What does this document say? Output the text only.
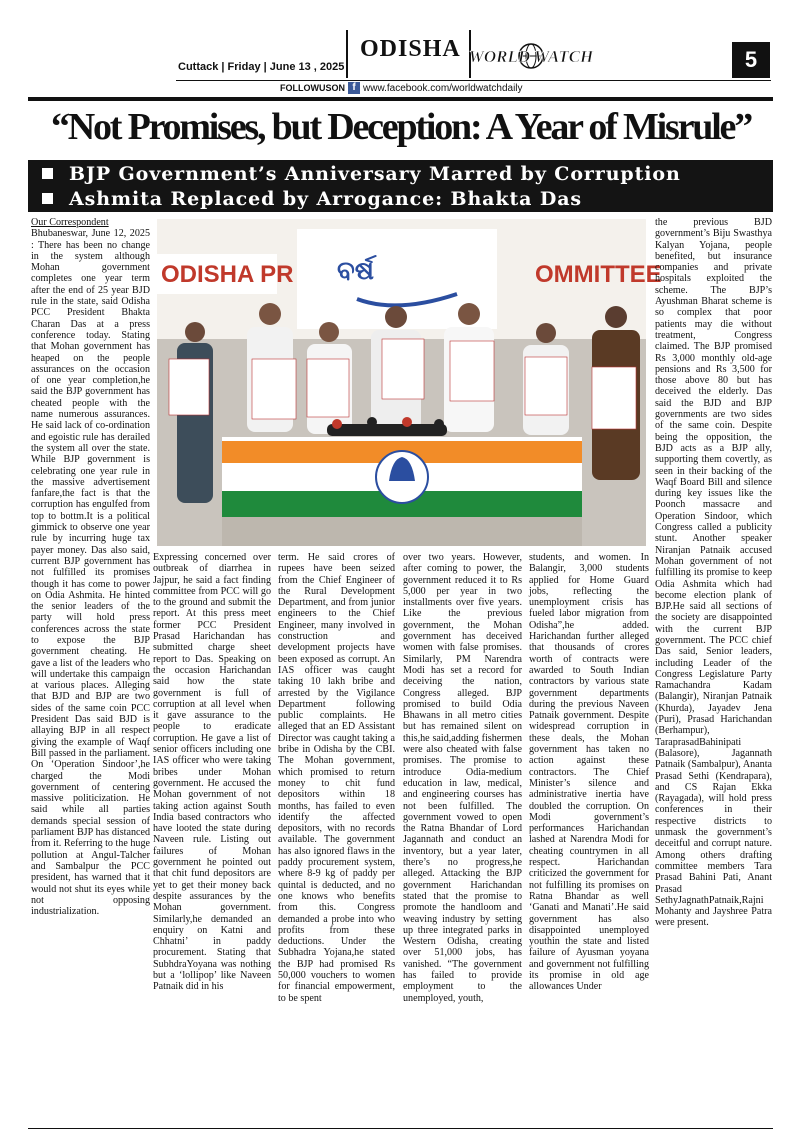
ODISHA
Cuttack | Friday | June 13 , 2025
WORLD WATCH	5
FOLLOWUSON f www.facebook.com/worldwatchdaily
“Not Promises, but Deception: A Year of Misrule”
BJP Government’s Anniversary Marred by Corruption
Ashmita Replaced by Arrogance: Bhakta Das
ODISHA PR	OMMITTEE
ବର୍ଷ
Our Correspondent

Bhubaneswar, June 12, 2025 : There has been no change in the system although Mohan government completes one year term after the end of 25 year BJD rule in the state, said Odisha PCC President Bhakta Charan Das at a press conference today. Stating that Mohan government has heaped on the people assurances on the occasion of one year completion,he said the BJP government has cheated people with the name numerous assurances. He said lack of co-ordination and egoistic rule has derailed the system all over the state. While BJP government is celebrating one year rule in the massive advertisement fanfare,the fact is that the corruption has engulfed from top to bottm.It is a political gimmick to observe one year rule by incurring huge tax payer money. Das also said, current BJP government has not fulfilled its promises though it has come to power on Odia Ashmita. He hinted the senior leaders of the party will hold press conferences across the state to expose the BJP government cheating. He gave a list of the leaders who will undertake this campaign at various places. Alleging that BJD and BJP are two sides of the same coin PCC President Das said BJD is allaying BJP in all respect giving the example of Waqf Bill passed in the parliament. On ‘Operation Sindoor’,he charged the Modi government of centering massive politicization. He said while all parties demands special session of parliament BJP has distanced from it. Referring to the huge pollution at Angul-Talcher and Sambalpur the PCC president, has warned that it would not shut its eyes while not opposing industrialization.

Expressing concerned over outbreak of diarrhea in Jajpur, he said a fact finding committee from PCC will go to the ground and submit the report. At this press meet former PCC President Prasad Harichandan has submitted charge sheet report to Das. Speaking on the occasion Harichandan said how the state government is full of corruption at all level when it gave assurance to the people to eradicate corruption. He gave a list of senior officers including one IAS officer who were taking bribes under Mohan government. He accused the Mohan government of not taking action against South India based contractors who have looted the state during Naveen rule. Listing out failures of Mohan government he pointed out that chit fund depositors are yet to get their money back despite assurances by the Mohan government. Similarly,he demanded an enquiry on Katni and Chhatni’ in paddy procurement. Stating that SubhdraYoyana was nothing but a ‘lollipop’ like Naveen Patnaik did in his

term. He said crores of rupees have been seized from the Chief Engineer of the Rural Development Department, and from junior engineers to the Chief Engineer, many involved in construction and development projects have been exposed as corrupt. An IAS officer was caught taking 10 lakh bribe and arrested by the Vigilance Department following public complaints. He alleged that an ED Assistant Director was caught taking a bribe in Odisha by the CBI. The Mohan government, which promised to return money to chit fund depositors within 18 months, has failed to even identify the affected depositors, with no records available. The government has also ignored flaws in the paddy procurement system, where 8-9 kg of paddy per quintal is deducted, and no one knows who benefits from this. Congress demanded a probe into who profits from these deductions. Under the Subhadra Yojana,he stated the BJP had promised Rs 50,000 vouchers to women for financial empowerment, to be spent

over two years. However, after coming to power, the government reduced it to Rs 5,000 per year in two installments over five years. Like the previous government, the Mohan government has deceived women with false promises. Similarly, PM Narendra Modi has set a record for deceiving the nation, Congress alleged. BJP promised to build Odia Bhawans in all metro cities but has remained silent on this,he said,adding fishermen were also cheated with false promises. The promise to introduce Odia-medium education in law, medical, and engineering courses has not been fulfilled. The government vowed to open the Ratna Bhandar of Lord Jagannath and conduct an inventory, but a year later, there’s no progress,he alleged. Attacking the BJP government Harichandan stated that the promise to promote the handloom and weaving industry by setting up three integrated parks in Western Odisha, creating over 51,000 jobs, has vanished. “The government has failed to provide employment to the unemployed, youth,

students, and women. In Balangir, 3,000 students applied for Home Guard jobs, reflecting the unemployment crisis has fueled labor migration from Odisha”,he added. Harichandan further alleged that thousands of crores worth of contracts were awarded to South Indian contractors by various state government departments during the previous Naveen Patnaik government. Despite widespread corruption in these deals, the Mohan government has taken no action against these contractors. The Chief Minister’s silence and administrative inertia have doubled the corruption. On Modi government’s performances Harichandan lashed at Narendra Modi for cheating countrymen in all respect. Harichandan criticized the government for not fulfilling its promises on Ratna Bhandar as well ‘Ganati and Manati’.He said government has also disappointed unemployed youthin the state and listed failure of Ayusman yoyana and government not fulfilling its promise in old age allowances Under

the previous BJD government’s Biju Swasthya Kalyan Yojana, people benefited, but insurance companies and private hospitals exploited the scheme. The BJP’s Ayushman Bharat scheme is so complex that poor patients may die without treatment, Congress claimed. The BJP promised Rs 3,000 monthly old-age pensions and Rs 3,500 for those above 80 but has deceived the elderly. Das said the BJD and BJP governments are two sides of the same coin. Despite being the opposition, the BJD acts as a BJP ally, supporting them covertly, as seen in their backing of the Waqf Board Bill and silence during key issues like the Poonch massacre and Operation Sindoor, which Congress called a publicity stunt. Another speaker Niranjan Patnaik accused Mohan government of not fulfilling its promise to keep Odia Ashmita which had become election plank of BJP.He said all sections of the society are disappointed with the current BJP government. The PCC chief Das said, Senior leaders, including Leader of the Congress Legislature Party Ramachandra Kadam (Balangir), Niranjan Patnaik (Khurda), Jayadev Jena (Puri), Prasad Harichandan (Berhampur), TaraprasadBahinipati (Balasore), Jagannath Patnaik (Sambalpur), Ananta Prasad Sethi (Kendrapara), and CS Rajan Ekka (Rayagada), will hold press conferences in their respective districts to unmask the government’s deceitful and corrupt nature. Among others drafting committee members Tara Prasad Bahini Pati, Anant Prasad SethyJagnathPatnaik,Rajni Mohanty and Jayshree Patra were present.
